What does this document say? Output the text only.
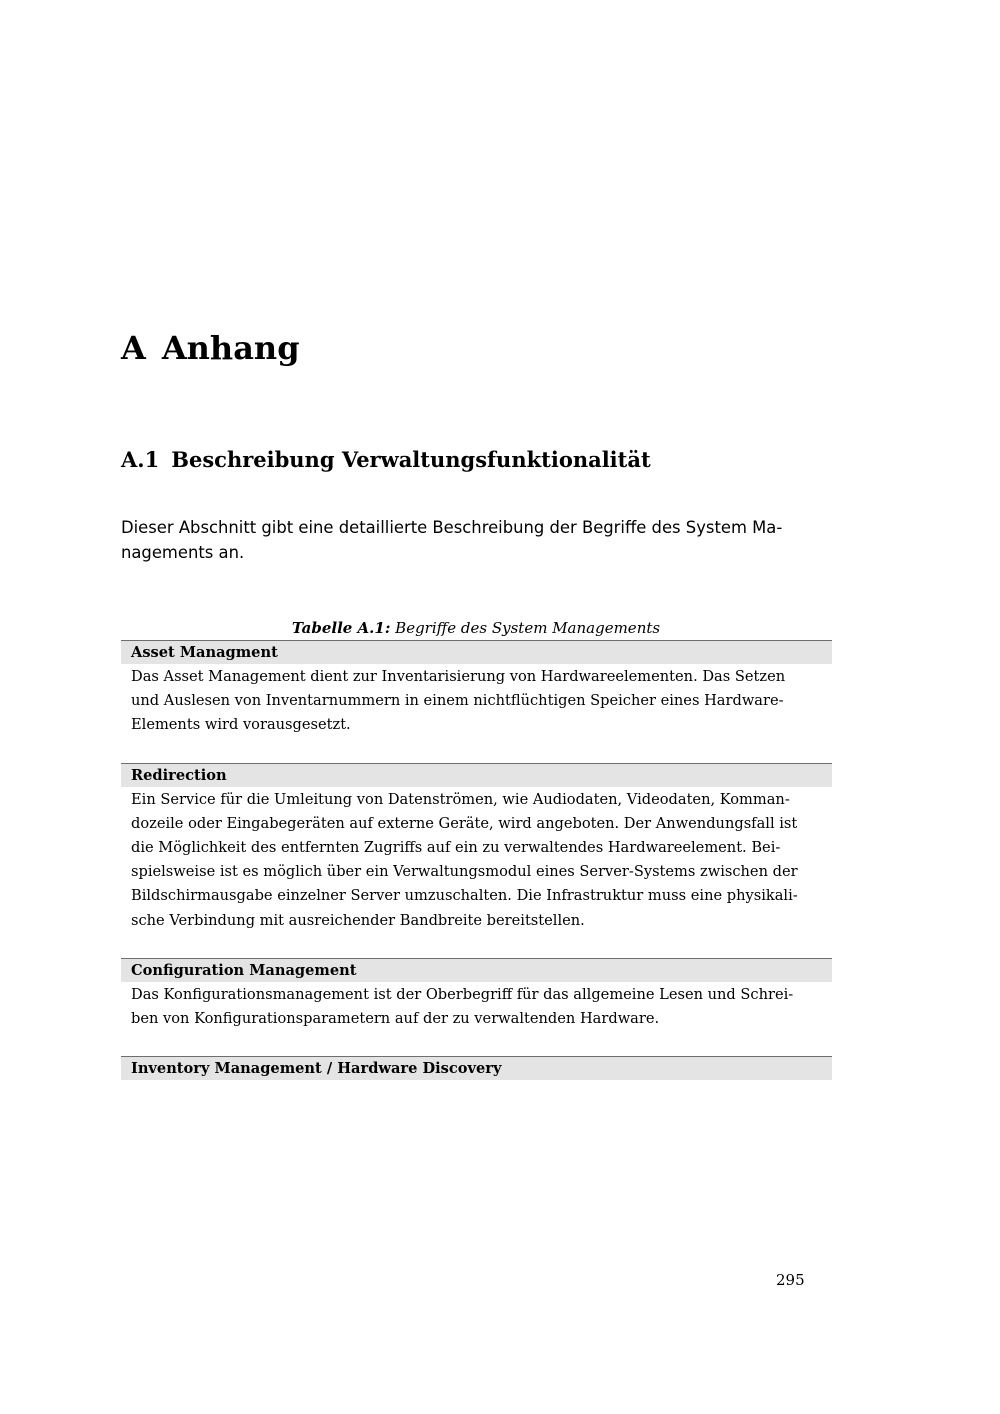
A Anhang
A.1 Beschreibung Verwaltungsfunktionalität

Dieser Abschnitt gibt eine detaillierte Beschreibung der Begriffe des System Ma-
nagements an.

Tabelle A.1: Begriffe des System Managements
Asset Managment
Das Asset Management dient zur Inventarisierung von Hardwareelementen. Das Setzen
und Auslesen von Inventarnummern in einem nichtflüchtigen Speicher eines Hardware-
Elements wird vorausgesetzt.
Redirection
Ein Service für die Umleitung von Datenströmen, wie Audiodaten, Videodaten, Komman-
dozeile oder Eingabegeräten auf externe Geräte, wird angeboten. Der Anwendungsfall ist
die Möglichkeit des entfernten Zugriffs auf ein zu verwaltendes Hardwareelement. Bei-
spielsweise ist es möglich über ein Verwaltungsmodul eines Server-Systems zwischen der
Bildschirmausgabe einzelner Server umzuschalten. Die Infrastruktur muss eine physikali-
sche Verbindung mit ausreichender Bandbreite bereitstellen.
Configuration Management
Das Konfigurationsmanagement ist der Oberbegriff für das allgemeine Lesen und Schrei-
ben von Konfigurationsparametern auf der zu verwaltenden Hardware.
Inventory Management / Hardware Discovery
295
